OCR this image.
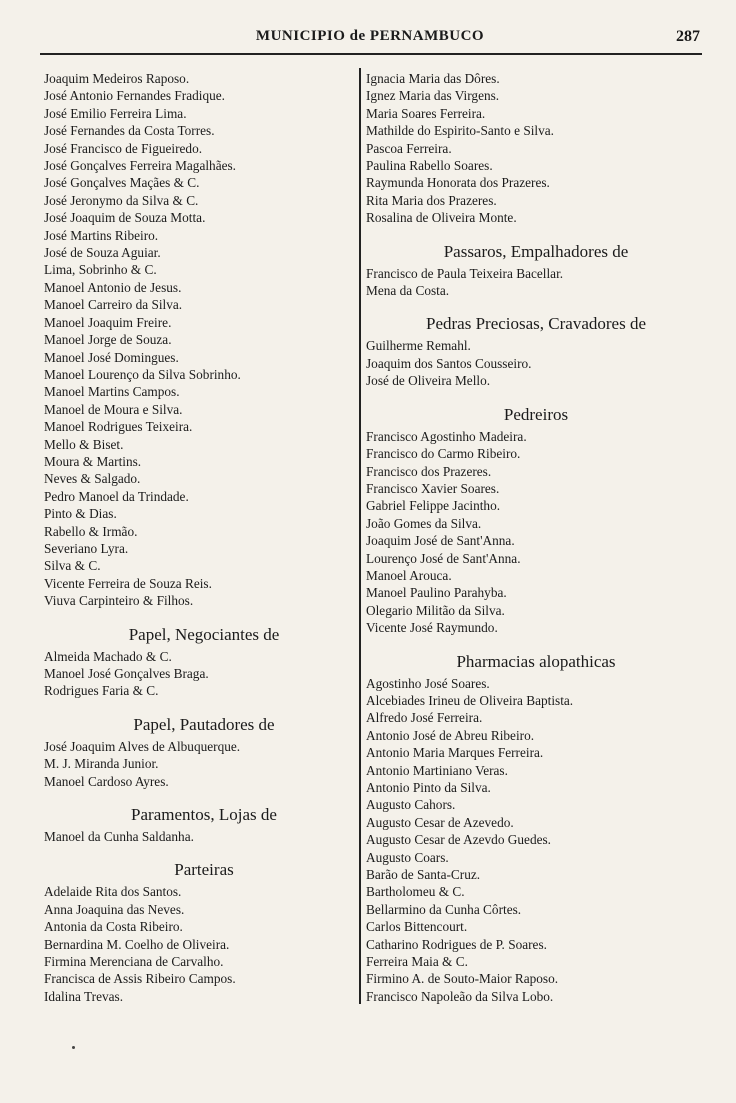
MUNICIPIO de PERNAMBUCO	287
Joaquim Medeiros Raposo.
José Antonio Fernandes Fradique.
José Emilio Ferreira Lima.
José Fernandes da Costa Torres.
José Francisco de Figueiredo.
José Gonçalves Ferreira Magalhães.
José Gonçalves Maçães & C.
José Jeronymo da Silva & C.
José Joaquim de Souza Motta.
José Martins Ribeiro.
José de Souza Aguiar.
Lima, Sobrinho & C.
Manoel Antonio de Jesus.
Manoel Carreiro da Silva.
Manoel Joaquim Freire.
Manoel Jorge de Souza.
Manoel José Domingues.
Manoel Lourenço da Silva Sobrinho.
Manoel Martins Campos.
Manoel de Moura e Silva.
Manoel Rodrigues Teixeira.
Mello & Biset.
Moura & Martins.
Neves & Salgado.
Pedro Manoel da Trindade.
Pinto & Dias.
Rabello & Irmão.
Severiano Lyra.
Silva & C.
Vicente Ferreira de Souza Reis.
Viuva Carpinteiro & Filhos.
Papel, Negociantes de
Almeida Machado & C.
Manoel José Gonçalves Braga.
Rodrigues Faria & C.
Papel, Pautadores de
José Joaquim Alves de Albuquerque.
M. J. Miranda Junior.
Manoel Cardoso Ayres.
Paramentos, Lojas de
Manoel da Cunha Saldanha.
Parteiras
Adelaide Rita dos Santos.
Anna Joaquina das Neves.
Antonia da Costa Ribeiro.
Bernardina M. Coelho de Oliveira.
Firmina Merenciana de Carvalho.
Francisca de Assis Ribeiro Campos.
Idalina Trevas.
Ignacia Maria das Dôres.
Ignez Maria das Virgens.
Maria Soares Ferreira.
Mathilde do Espirito-Santo e Silva.
Pascoa Ferreira.
Paulina Rabello Soares.
Raymunda Honorata dos Prazeres.
Rita Maria dos Prazeres.
Rosalina de Oliveira Monte.
Passaros, Empalhadores de
Francisco de Paula Teixeira Bacellar.
Mena da Costa.
Pedras Preciosas, Cravadores de
Guilherme Remahl.
Joaquim dos Santos Cousseiro.
José de Oliveira Mello.
Pedreiros
Francisco Agostinho Madeira.
Francisco do Carmo Ribeiro.
Francisco dos Prazeres.
Francisco Xavier Soares.
Gabriel Felippe Jacintho.
João Gomes da Silva.
Joaquim José de Sant'Anna.
Lourenço José de Sant'Anna.
Manoel Arouca.
Manoel Paulino Parahyba.
Olegario Militão da Silva.
Vicente José Raymundo.
Pharmacias alopathicas
Agostinho José Soares.
Alcebiades Irineu de Oliveira Baptista.
Alfredo José Ferreira.
Antonio José de Abreu Ribeiro.
Antonio Maria Marques Ferreira.
Antonio Martiniano Veras.
Antonio Pinto da Silva.
Augusto Cahors.
Augusto Cesar de Azevedo.
Augusto Cesar de Azevdo Guedes.
Augusto Coars.
Barão de Santa-Cruz.
Bartholomeu & C.
Bellarmino da Cunha Côrtes.
Carlos Bittencourt.
Catharino Rodrigues de P. Soares.
Ferreira Maia & C.
Firmino A. de Souto-Maior Raposo.
Francisco Napoleão da Silva Lobo.
